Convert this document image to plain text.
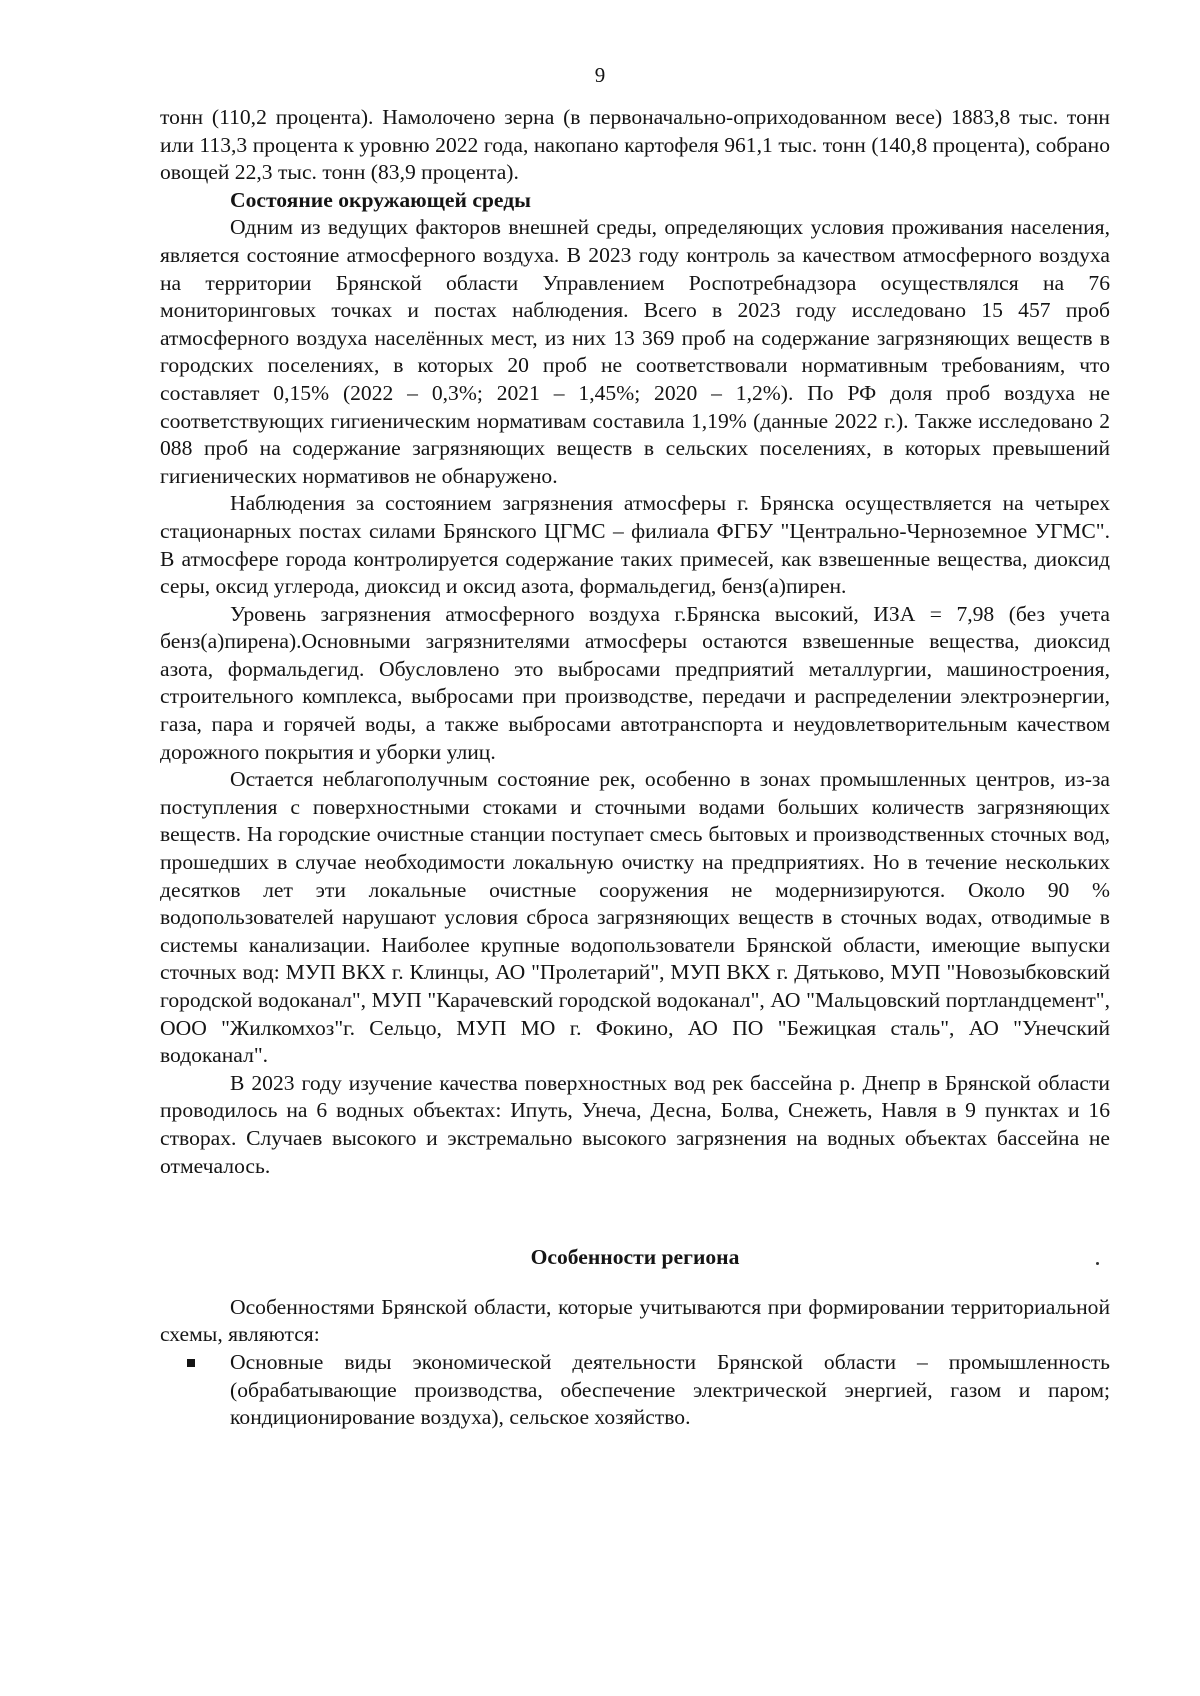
9

тонн (110,2 процента). Намолочено зерна (в первоначально-оприходованном весе) 1883,8 тыс. тонн или 113,3 процента к уровню 2022 года, накопано картофеля 961,1 тыс. тонн (140,8 процента), собрано овощей 22,3 тыс. тонн (83,9 процента).

Состояние окружающей среды

Одним из ведущих факторов внешней среды, определяющих условия проживания населения, является состояние атмосферного воздуха. В 2023 году контроль за качеством атмосферного воздуха на территории Брянской области Управлением Роспотребнадзора осуществлялся на 76 мониторинговых точках и постах наблюдения. Всего в 2023 году исследовано 15 457 проб атмосферного воздуха населённых мест, из них 13 369 проб на содержание загрязняющих веществ в городских поселениях, в которых 20 проб не соответствовали нормативным требованиям, что составляет 0,15% (2022 – 0,3%; 2021 – 1,45%; 2020 – 1,2%). По РФ доля проб воздуха не соответствующих гигиеническим нормативам составила 1,19% (данные 2022 г.). Также исследовано 2 088 проб на содержание загрязняющих веществ в сельских поселениях, в которых превышений гигиенических нормативов не обнаружено.

Наблюдения за состоянием загрязнения атмосферы г. Брянска осуществляется на четырех стационарных постах силами Брянского ЦГМС – филиала ФГБУ "Центрально-Черноземное УГМС". В атмосфере города контролируется содержание таких примесей, как взвешенные вещества, диоксид серы, оксид углерода, диоксид и оксид азота, формальдегид, бенз(а)пирен.

Уровень загрязнения атмосферного воздуха г.Брянска высокий, ИЗА = 7,98 (без учета бенз(а)пирена).Основными загрязнителями атмосферы остаются взвешенные вещества, диоксид азота, формальдегид. Обусловлено это выбросами предприятий металлургии, машиностроения, строительного комплекса, выбросами при производстве, передачи и распределении электроэнергии, газа, пара и горячей воды, а также выбросами автотранспорта и неудовлетворительным качеством дорожного покрытия и уборки улиц.

Остается неблагополучным состояние рек, особенно в зонах промышленных центров, из-за поступления с поверхностными стоками и сточными водами больших количеств загрязняющих веществ. На городские очистные станции поступает смесь бытовых и производственных сточных вод, прошедших в случае необходимости локальную очистку на предприятиях. Но в течение нескольких десятков лет эти локальные очистные сооружения не модернизируются. Около 90 % водопользователей нарушают условия сброса загрязняющих веществ в сточных водах, отводимые в системы канализации. Наиболее крупные водопользователи Брянской области, имеющие выпуски сточных вод: МУП ВКХ г. Клинцы, АО "Пролетарий", МУП ВКХ г. Дятьково, МУП "Новозыбковский городской водоканал", МУП "Карачевский городской водоканал", АО "Мальцовский портландцемент", ООО "Жилкомхоз"г. Сельцо, МУП МО г. Фокино, АО ПО "Бежицкая сталь", АО "Унечский водоканал".

В 2023 году изучение качества поверхностных вод рек бассейна р. Днепр в Брянской области проводилось на 6 водных объектах: Ипуть, Унеча, Десна, Болва, Снежеть, Навля в 9 пунктах и 16 створах. Случаев высокого и экстремально высокого загрязнения на водных объектах бассейна не отмечалось.

Особенности региона

Особенностями Брянской области, которые учитываются при формировании территориальной схемы, являются:

Основные виды экономической деятельности Брянской области – промышленность (обрабатывающие производства, обеспечение электрической энергией, газом и паром; кондиционирование воздуха), сельское хозяйство.
